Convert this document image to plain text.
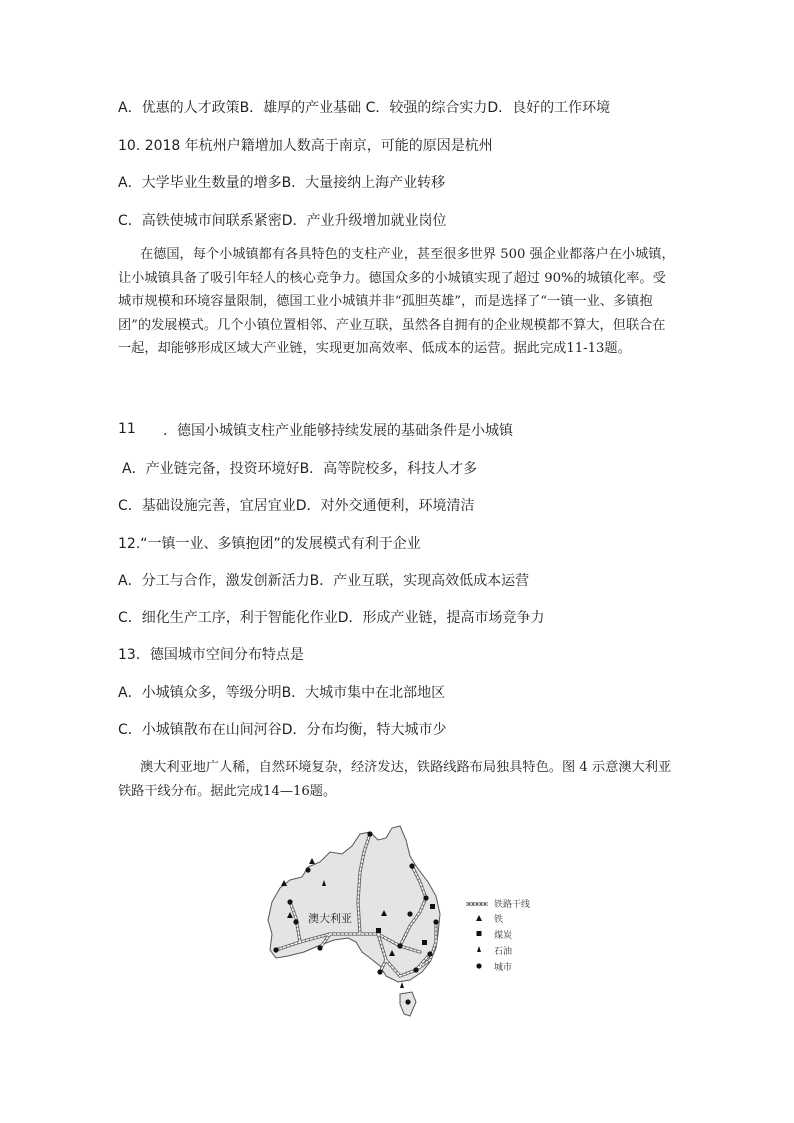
A．优惠的人才政策B．雄厚的产业基础 C．较强的综合实力D．良好的工作环境
10. 2018 年杭州户籍增加人数高于南京，可能的原因是杭州
A．大学毕业生数量的增多B．大量接纳上海产业转移
C．高铁使城市间联系紧密D．产业升级增加就业岗位
在德国，每个小城镇都有各具特色的支柱产业，甚至很多世界 500 强企业都落户在小城镇，让小城镇具备了吸引年轻人的核心竞争力。德国众多的小城镇实现了超过 90%的城镇化率。受城市规模和环境容量限制，德国工业小城镇并非“孤胆英雄”，而是选择了“一镇一业、多镇抱团”的发展模式。几个小镇位置相邻、产业互联，虽然各自拥有的企业规模都不算大，但联合在一起，却能够形成区域大产业链，实现更加高效率、低成本的运营。据此完成11-13题。
11 ．德国小城镇支柱产业能够持续发展的基础条件是小城镇
A．产业链完备，投资环境好B．高等院校多，科技人才多
C．基础设施完善，宜居宜业D．对外交通便利，环境清洁
12.“一镇一业、多镇抱团”的发展模式有利于企业
A．分工与合作，激发创新活力B．产业互联，实现高效低成本运营
C．细化生产工序，利于智能化作业D．形成产业链，提高市场竞争力
13．德国城市空间分布特点是
A．小城镇众多，等级分明B．大城市集中在北部地区
C．小城镇散布在山间河谷D．分布均衡，特大城市少
澳大利亚地广人稀，自然环境复杂，经济发达，铁路线路布局独具特色。图 4 示意澳大利亚铁路干线分布。据此完成14—16题。
澳大利亚
铁路干线
铁
煤炭
石油
城市
